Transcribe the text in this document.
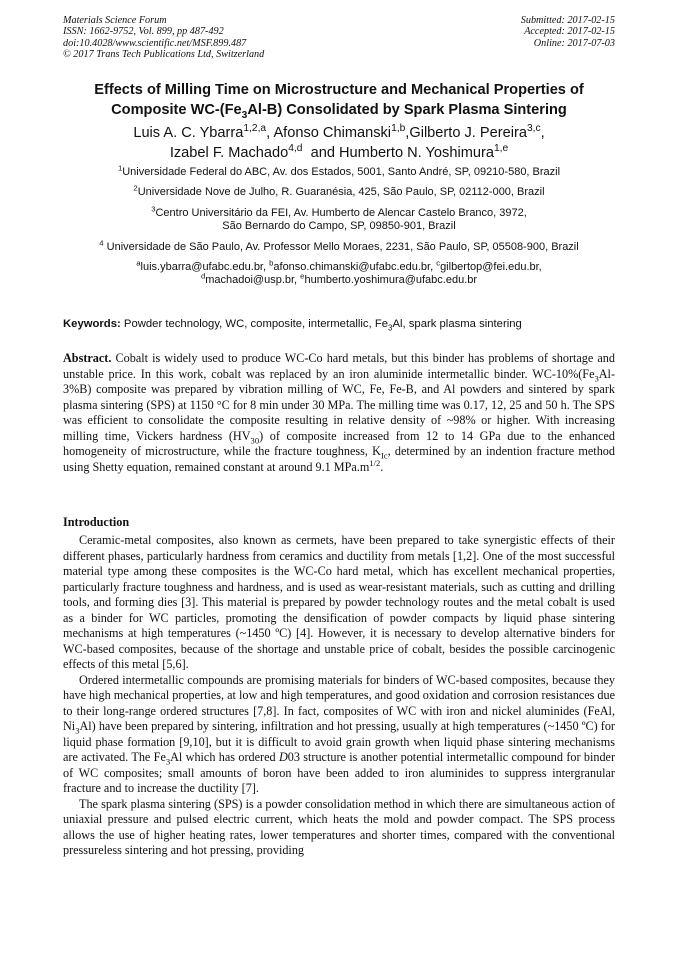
Materials Science Forum
ISSN: 1662-9752, Vol. 899, pp 487-492
doi:10.4028/www.scientific.net/MSF.899.487
© 2017 Trans Tech Publications Ltd, Switzerland
Submitted: 2017-02-15
Accepted: 2017-02-15
Online: 2017-07-03
Effects of Milling Time on Microstructure and Mechanical Properties of
Composite $WC-(Fe_3Al-B)$ Consolidated by Spark Plasma Sintering
Luis A. C. Ybarra$^{1,2,a}$, Afonso Chimanski$^{1,b}$,Gilberto J. Pereira$^{3,c}$,
Izabel F. Machado$^{4,d}$  and Humberto N. Yoshimura$^{1,e}$
$^1$Universidade Federal do ABC, Av. dos Estados, 5001, Santo André, SP, 09210-580, Brazil
$^2$Universidade Nove de Julho, R. Guaranésia, 425, São Paulo, SP, 02112-000, Brazil
$^3$Centro Universitário da FEI, Av. Humberto de Alencar Castelo Branco, 3972,
São Bernardo do Campo, SP, 09850-901, Brazil
$^4$ Universidade de São Paulo, Av. Professor Mello Moraes, 2231, São Paulo, SP, 05508-900, Brazil
$^a$luis.ybarra@ufabc.edu.br, $^b$afonso.chimanski@ufabc.edu.br, $^c$gilbertop@fei.edu.br,
$^d$machadoi@usp.br, $^e$humberto.yoshimura@ufabc.edu.br
Keywords: Powder technology, WC, composite, intermetallic, $Fe_3Al$, spark plasma sintering
Abstract. Cobalt is widely used to produce WC-Co hard metals, but this binder has problems of shortage and unstable price. In this work, cobalt was replaced by an iron aluminide intermetallic binder. $WC-10\%(Fe_3Al-3\%B)$ composite was prepared by vibration milling of WC, Fe, Fe-B, and Al powders and sintered by spark plasma sintering (SPS) at 1150 °C for 8 min under 30 MPa. The milling time was 0.17, 12, 25 and 50 h. The SPS was efficient to consolidate the composite resulting in relative density of ~98% or higher. With increasing milling time, Vickers hardness $(HV_{30})$ of composite increased from 12 to 14 GPa due to the enhanced homogeneity of microstructure, while the fracture toughness, $K_{Ic}$, determined by an indention fracture method using Shetty equation, remained constant at around 9.1 $MPa.m^{1/2}$.
Introduction

Ceramic-metal composites, also known as cermets, have been prepared to take synergistic effects of their different phases, particularly hardness from ceramics and ductility from metals [1,2]. One of the most successful material type among these composites is the WC-Co hard metal, which has excellent mechanical properties, particularly fracture toughness and hardness, and is used as wear-resistant materials, such as cutting and drilling tools, and forming dies [3]. This material is prepared by powder technology routes and the metal cobalt is used as a binder for WC particles, promoting the densification of powder compacts by liquid phase sintering mechanisms at high temperatures (~1450 ºC) [4]. However, it is necessary to develop alternative binders for WC-based composites, because of the shortage and unstable price of cobalt, besides the possible carcinogenic effects of this metal [5,6].

Ordered intermetallic compounds are promising materials for binders of WC-based composites, because they have high mechanical properties, at low and high temperatures, and good oxidation and corrosion resistances due to their long-range ordered structures [7,8]. In fact, composites of WC with iron and nickel aluminides (FeAl, $Ni_3Al$) have been prepared by sintering, infiltration and hot pressing, usually at high temperatures (~1450 ºC) for liquid phase formation [9,10], but it is difficult to avoid grain growth when liquid phase sintering mechanisms are activated. The $Fe_3Al$ which has ordered D03 structure is another potential intermetallic compound for binder of WC composites; small amounts of boron have been added to iron aluminides to suppress intergranular fracture and to increase the ductility [7].

The spark plasma sintering (SPS) is a powder consolidation method in which there are simultaneous action of uniaxial pressure and pulsed electric current, which heats the mold and powder compact. The SPS process allows the use of higher heating rates, lower temperatures and shorter times, compared with the conventional pressureless sintering and hot pressing, providing
